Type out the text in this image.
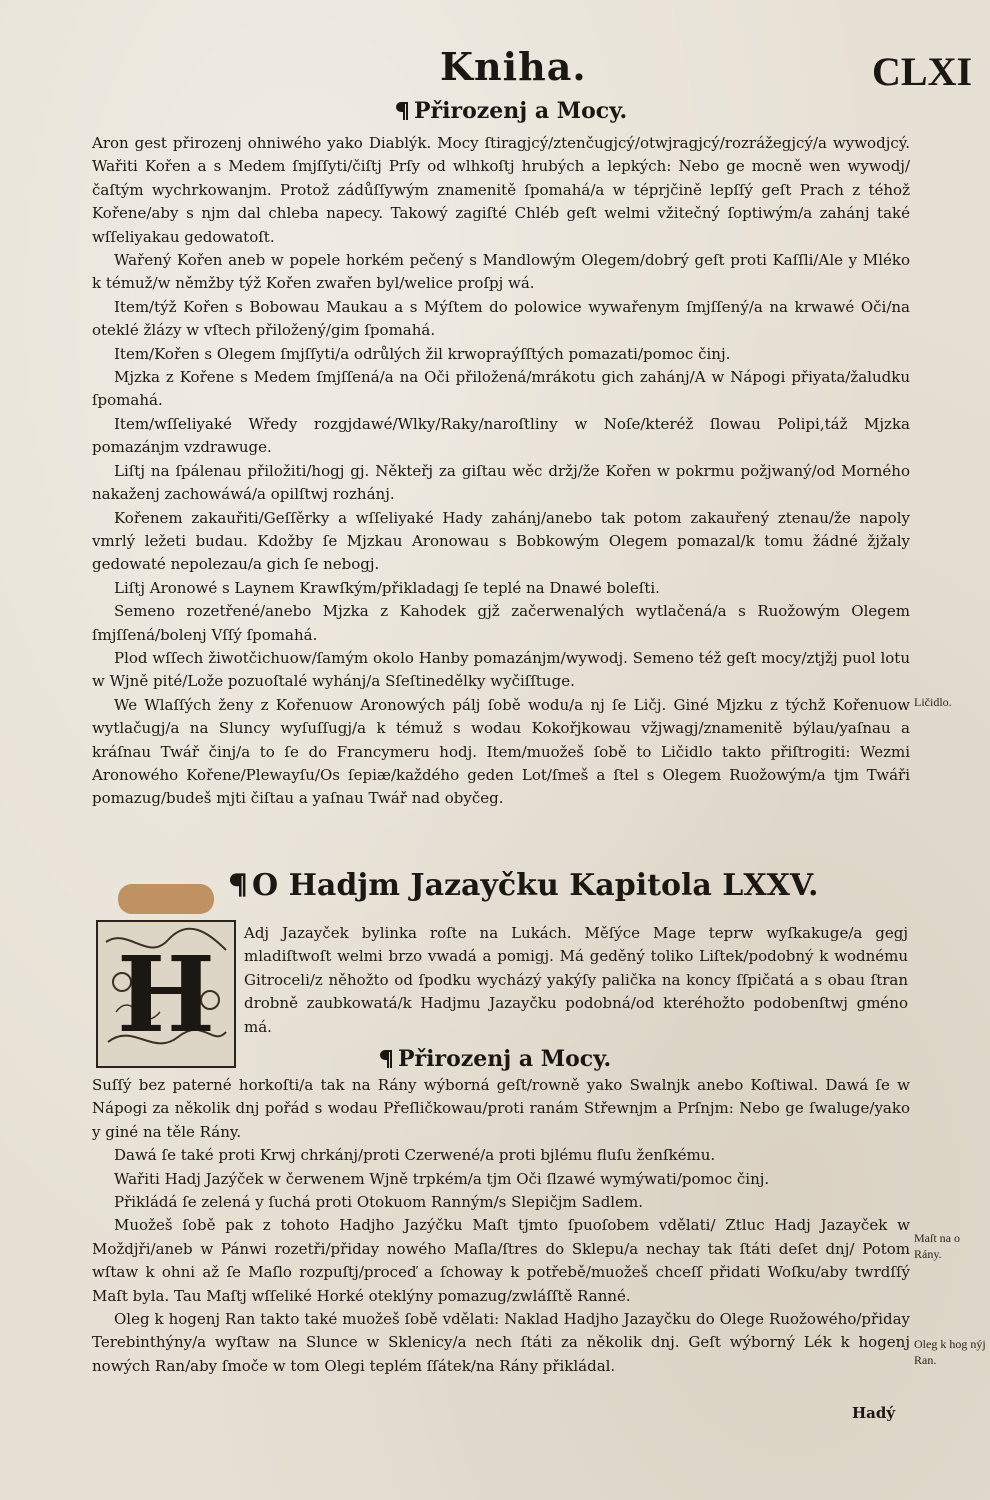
Kniha.	CLXI
Přirozenj a Mocy.

Aron gest přirozenj ohniwého yako Diablýk. Mocy ſtiragjcý/ztenčugjcý/otwjragjcý/rozrážegjcý/a wywodjcý. Wařiti Kořen a s Medem ſmjſſyti/čiſtj Prſy od wlhkoſtj hrubých a lepkých: Nebo ge mocně wen wywodj/čaſtým wychrkowanjm. Protož zádůſſywým znamenitě ſpomahá/a w téprjčině lepſſý geſt Prach z téhož Kořene/aby s njm dal chleba napecy. Takowý zagiſté Chléb geſt welmi vžitečný ſoptiwým/a zahánj také wſſeliyakau gedowatoſt.

Wařený Kořen aneb w popele horkém pečený s Mandlowým Olegem/dobrý geſt proti Kaſſli/Ale y Mléko k témuž/w němžby týž Kořen zwařen byl/welice proſpj wá.

Item/týž Kořen s Bobowau Maukau a s Mýſtem do polowice wywařenym ſmjſſený/a na krwawé Oči/na oteklé žlázy w vſtech přiložený/gim ſpomahá.

Item/Kořen s Olegem ſmjſſyti/a odrůlých žil krwopraýſſtých pomazati/pomoc činj.

Mjzka z Kořene s Medem ſmjſſená/a na Oči přiložená/mrákotu gich zahánj/A w Nápogi přiyata/žaludku ſpomahá.

Item/wſſeliyaké Wředy rozgjdawé/Wlky/Raky/naroſtliny w Noſe/kteréž ſlowau Polipi,táž Mjzka pomazánjm vzdrawuge.

Liſtj na ſpálenau přiložiti/hogj gj. Někteřj za giſtau wěc držj/že Kořen w pokrmu požjwaný/od Morného nakaženj zachowáwá/a opilſtwj rozhánj.

Kořenem zakauřiti/Geſſěrky a wſſeliyaké Hady zahánj/anebo tak potom zakauřený ztenau/že napoly vmrlý ležeti budau. Kdožby ſe Mjzkau Aronowau s Bobkowým Olegem pomazal/k tomu žádné žjžaly gedowaté nepolezau/a gich ſe nebogj.

Liſtj Aronowé s Laynem Krawſkým/přikladagj ſe teplé na Dnawé boleſti.

Semeno rozetřené/anebo Mjzka z Kahodek gjž začerwenalých wytlačená/a s Ruožowým Olegem ſmjſſená/bolenj Vſſý ſpomahá.

Plod wſſech žiwotčichuow/ſamým okolo Hanby pomazánjm/wywodj. Semeno též geſt mocy/ztjžj puol lotu w Wjně pité/Lože pozuoſtalé wyhánj/a Sſeſtinedělky wyčiſſtuge.

We Wlaſſých ženy z Kořenuow Aronowých pálj ſobě wodu/a nj ſe Ličj. Giné Mjzku z týchž Kořenuow wytlačugj/a na Sluncy wyſuſſugj/a k témuž s wodau Kokořjkowau vžjwagj/znamenitě býlau/yaſnau a kráſnau Twář činj/a to ſe do Francymeru hodj. Item/muožeš ſobě to Ličidlo takto přiſtrogiti: Wezmi Aronowého Kořene/Plewayſu/Os ſepiæ/každého geden Lot/ſmeš a ſtel s Olegem Ruožowým/a tjm Twáři pomazug/budeš mjti čiſtau a yaſnau Twář nad obyčeg.

Ličidlo.
O Hadjm Jazayčku Kapitola LXXV.
H	Adj Jazayček bylinka roſte na Lukách. Měſýce Mage teprw wyſkakuge/a gegj mladiſtwoſt welmi brzo vwadá a pomigj. Má geděný toliko Liſtek/podobný k wodnému Gitroceli/z něhožto od ſpodku wycházý yakýſy palička na koncy ſſpičatá a s obau ſtran drobně zaubkowatá/k Hadjmu Jazayčku podobná/od kteréhožto podobenſtwj gméno má.

Přirozenj a Mocy.

Suſſý bez paterné horkoſti/a tak na Rány wýborná geſt/rowně yako Swalnjk anebo Koſtiwal. Dawá ſe w Nápogi za několik dnj pořád s wodau Přeſličkowau/proti ranám Střewnjm a Prſnjm: Nebo ge ſwaluge/yako y giné na těle Rány.

Dawá ſe také proti Krwj chrkánj/proti Czerwené/a proti bjlému fluſu ženſkému.

Wařiti Hadj Jazýček w čerwenem Wjně trpkém/a tjm Oči ſlzawé wymýwati/pomoc činj.

Přikládá ſe zelená y ſuchá proti Otokuom Ranným/s Slepičjm Sadlem.

Muožeš ſobě pak z tohoto Hadjho Jazýčku Maſt tjmto ſpuoſobem vdělati/ Ztluc Hadj Jazayček w Moždjři/aneb w Pánwi rozetři/přiday nowého Maſla/ſtres do Sklepu/a nechay tak ſtáti deſet dnj/ Potom wſtaw k ohni až ſe Maſlo rozpuſtj/proceď a ſchoway k potřebě/muožeš chceſſ přidati Woſku/aby twrdſſý Maſt byla. Tau Maſtj wſſeliké Horké oteklýny pomazug/zwláſſtě Ranné.

Oleg k hogenj Ran takto také muožeš ſobě vdělati: Naklad Hadjho Jazayčku do Olege Ruožowého/přiday Terebinthýny/a wyſtaw na Slunce w Sklenicy/a nech ſtáti za několik dnj. Geſt wýborný Lék k hogenj nowých Ran/aby ſmoče w tom Olegi teplém ſſátek/na Rány přikládal.

Maſt na o Rány.
Oleg k hog nýj Ran.
Hadý
